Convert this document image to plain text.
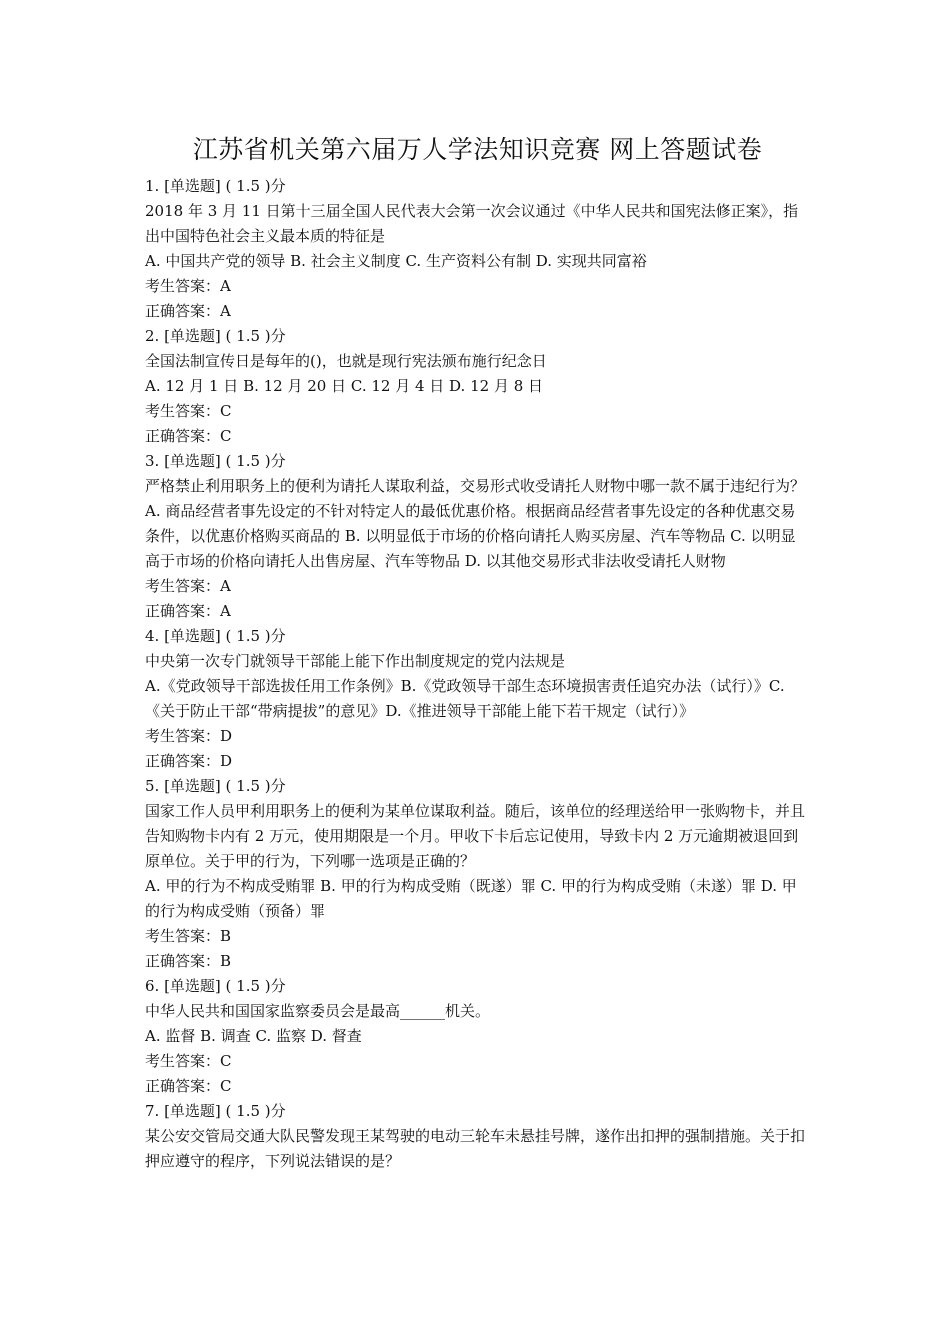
江苏省机关第六届万人学法知识竞赛 网上答题试卷
1. [单选题] ( 1.5 )分
2018 年 3 月 11 日第十三届全国人民代表大会第一次会议通过《中华人民共和国宪法修正案》，指出中国特色社会主义最本质的特征是
A. 中国共产党的领导 B. 社会主义制度 C. 生产资料公有制 D. 实现共同富裕
考生答案：A
正确答案：A
2. [单选题] ( 1.5 )分
全国法制宣传日是每年的()，也就是现行宪法颁布施行纪念日
A. 12 月 1 日 B. 12 月 20 日 C. 12 月 4 日 D. 12 月 8 日
考生答案：C
正确答案：C
3. [单选题] ( 1.5 )分
严格禁止利用职务上的便利为请托人谋取利益，交易形式收受请托人财物中哪一款不属于违纪行为？
A. 商品经营者事先设定的不针对特定人的最低优惠价格。根据商品经营者事先设定的各种优惠交易条件，以优惠价格购买商品的 B. 以明显低于市场的价格向请托人购买房屋、汽车等物品 C. 以明显高于市场的价格向请托人出售房屋、汽车等物品 D. 以其他交易形式非法收受请托人财物
考生答案：A
正确答案：A
4. [单选题] ( 1.5 )分
中央第一次专门就领导干部能上能下作出制度规定的党内法规是
A.《党政领导干部选拔任用工作条例》B.《党政领导干部生态环境损害责任追究办法（试行）》C.《关于防止干部“带病提拔”的意见》D.《推进领导干部能上能下若干规定（试行）》
考生答案：D
正确答案：D
5. [单选题] ( 1.5 )分
国家工作人员甲利用职务上的便利为某单位谋取利益。随后，该单位的经理送给甲一张购物卡，并且告知购物卡内有 2 万元，使用期限是一个月。甲收下卡后忘记使用，导致卡内 2 万元逾期被退回到原单位。关于甲的行为，下列哪一选项是正确的？
A. 甲的行为不构成受贿罪 B. 甲的行为构成受贿（既遂）罪 C. 甲的行为构成受贿（未遂）罪 D. 甲的行为构成受贿（预备）罪
考生答案：B
正确答案：B
6. [单选题] ( 1.5 )分
中华人民共和国国家监察委员会是最高______机关。
A. 监督 B. 调查 C. 监察 D. 督查
考生答案：C
正确答案：C
7. [单选题] ( 1.5 )分
某公安交管局交通大队民警发现王某驾驶的电动三轮车未悬挂号牌，遂作出扣押的强制措施。关于扣押应遵守的程序，下列说法错误的是？
